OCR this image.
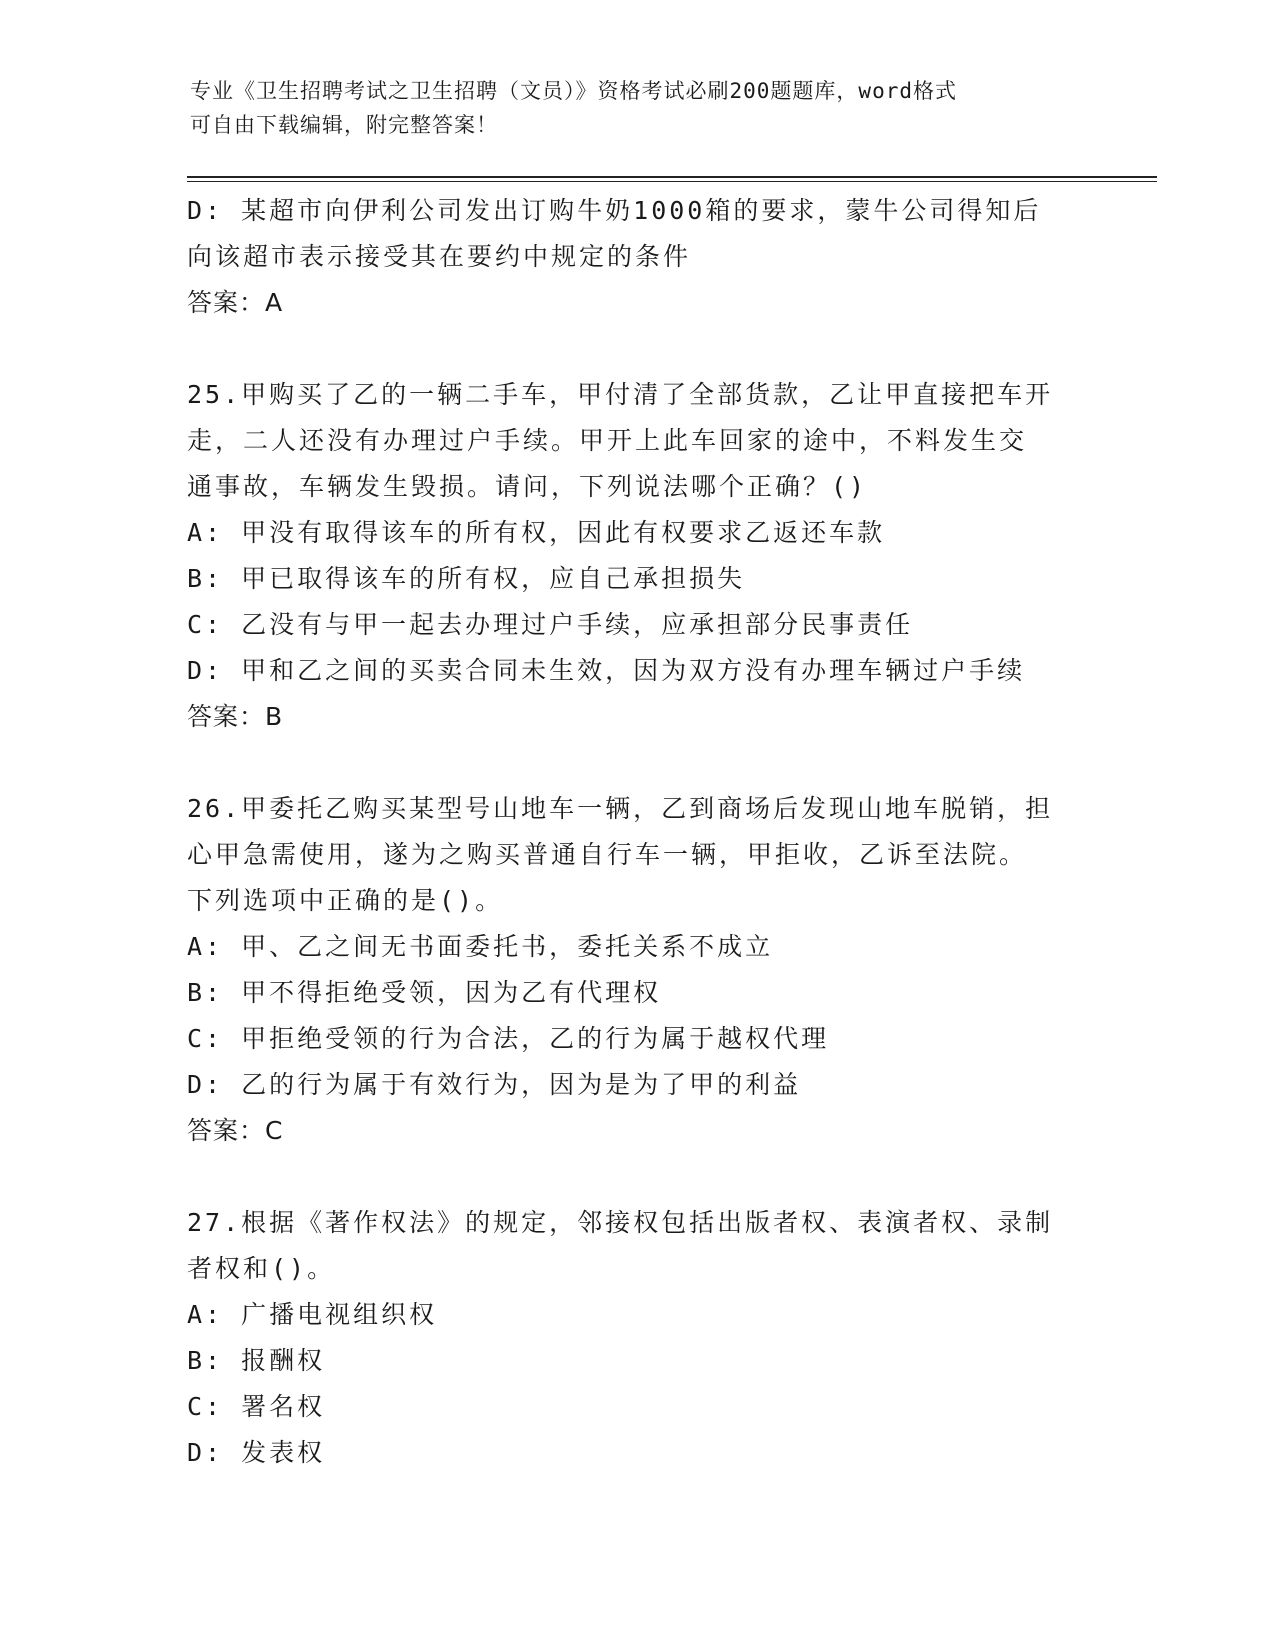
专业《卫生招聘考试之卫生招聘（文员）》资格考试必刷200题题库，word格式
可自由下载编辑，附完整答案！
D: 某超市向伊利公司发出订购牛奶1000箱的要求，蒙牛公司得知后
向该超市表示接受其在要约中规定的条件
答案：A
25.甲购买了乙的一辆二手车，甲付清了全部货款，乙让甲直接把车开
走，二人还没有办理过户手续。甲开上此车回家的途中，不料发生交
通事故，车辆发生毁损。请问，下列说法哪个正确？()
A: 甲没有取得该车的所有权，因此有权要求乙返还车款
B: 甲已取得该车的所有权，应自己承担损失
C: 乙没有与甲一起去办理过户手续，应承担部分民事责任
D: 甲和乙之间的买卖合同未生效，因为双方没有办理车辆过户手续
答案：B
26.甲委托乙购买某型号山地车一辆，乙到商场后发现山地车脱销，担
心甲急需使用，遂为之购买普通自行车一辆，甲拒收，乙诉至法院。
下列选项中正确的是()。
A: 甲、乙之间无书面委托书，委托关系不成立
B: 甲不得拒绝受领，因为乙有代理权
C: 甲拒绝受领的行为合法，乙的行为属于越权代理
D: 乙的行为属于有效行为，因为是为了甲的利益
答案：C
27.根据《著作权法》的规定，邻接权包括出版者权、表演者权、录制
者权和()。
A: 广播电视组织权
B: 报酬权
C: 署名权
D: 发表权
